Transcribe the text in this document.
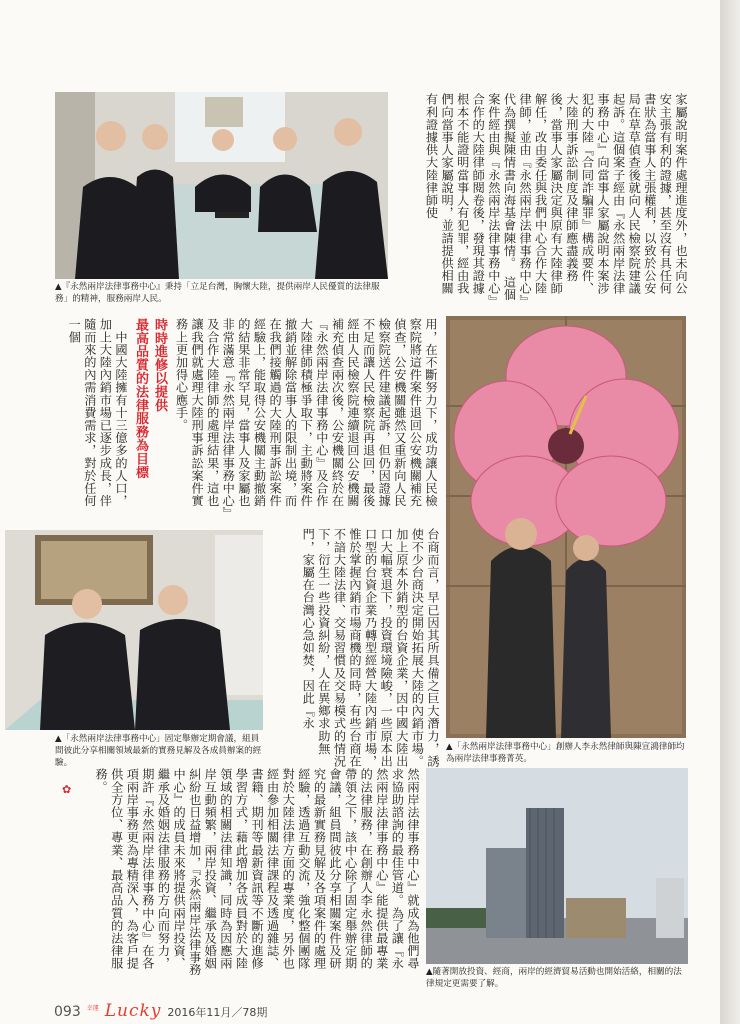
▲『永然兩岸法律事務中心』秉持「立足台灣，胸懷大陸，提供兩岸人民優質的法律服務」的精神，服務兩岸人民。
家屬說明案件處理進度外，也未向公安主張有利的證據，甚至沒有具任何書狀為當事人主張權利，以致於公安局在草草偵查後就向人民檢察院建議起訴。這個案子經由『永然兩岸法律事務中心』向當事人家屬說明本案涉犯的大陸『合同詐騙罪』構成要件、大陸刑事訴訟制度及律師應盡義務後，當事人家屬決定與原有大陸律師解任，改由委任與我們中心合作大陸律師，並由『永然兩岸法律事務中心』代為撰擬陳情書向海基會陳情。　這個案件經由與『永然兩岸法律事務中心』合作的大陸律師閱卷後，發現其證據根本不能證明當事人有犯罪，經由我們向當事人家屬說明，並請提供相關有利證據供大陸律師使
時時進修以提供
最高品質的法律服務為目標
　中國大陸擁有十三億多的人口，加上大陸內銷市場已逐步成長，伴隨而來的內需消費需求，對於任何一個	用，在不斷努力下，成功讓人民檢察院將這件案件退回公安機關補充偵查，公安機關雖然又重新向人民檢察院送件建議起訴，但仍因證據不足而讓人民檢察院再退回，最後經由人民檢察院連續退回公安機關補充偵查兩次後，公安機關終於在『永然兩岸法律事務中心』及合作大陸律師積極爭取下，主動將案件撤銷並解除當事人的限制出境，而在我們接觸過的大陸刑事訴訟案件經驗上，能取得公安機關主動撤銷的結果非常罕見，當事人及家屬也非常滿意『永然兩岸法律事務中心』及合作大陸律師的處理結果，這也讓我們就處理大陸刑事訴訟案件實務上更加得心應手。
▲「永然兩岸法律事務中心」創辦人李永然律師與陳宣鴻律師均為兩岸法律事務菁英。
▲「永然兩岸法律事務中心」固定舉辦定期會議，組員間彼此分享相關領域最新的實務見解及各成員辦案的經驗。	台商而言，早已因其所具備之巨大潛力，誘使不少台商決定開始拓展大陸的內銷市場。加上原本外銷型的台資企業，因中國大陸出口大幅衰退下，投資環境險峻，一些原本出口型的台資企業乃轉型經營大陸內銷市場，惟於掌握內銷市場商機的同時，有些台商在不諳大陸法律、交易習慣及交易模式的情況下，衍生一些投資糾紛，人在異鄉求助無門，家屬在台灣心急如焚，因此『永
然兩岸法律事務中心』就成為他們尋求協助諮詢的最佳管道。為了讓『永然兩岸法律事務中心』能提供最專業的法律服務，在創辦人李永然律師的帶領之下，該中心除了固定舉辦定期會議，組員間彼此分享相關案件及研究的最新實務見解及各項案件的處理經驗，透過互動交流，強化整個團隊對於大陸法律方面的專業度，另外也經由參加相關法律課程及透過雜誌、書籍、期刊等最新資訊等不斷的進修學習方式，藉此增加各成員對於大陸領域的相關法律知識，同時為因應兩岸互動頻繁，兩岸投資、繼承及婚姻糾紛也日益增加，『永然兩岸法律事務中心』的成員未來將提供兩岸投資、繼承及婚姻法律服務的方向而努力，期許『永然兩岸法律事務中心』在各項兩岸事務更為專精深入，為客戶提供全方位、專業、最高品質的法律服務。
✿
▲隨著開放投資、經商，兩岸的經濟貿易活動也開始活絡，相關的法律規定更需要了解。
093 幸運 Lucky 2016年11月／78期
